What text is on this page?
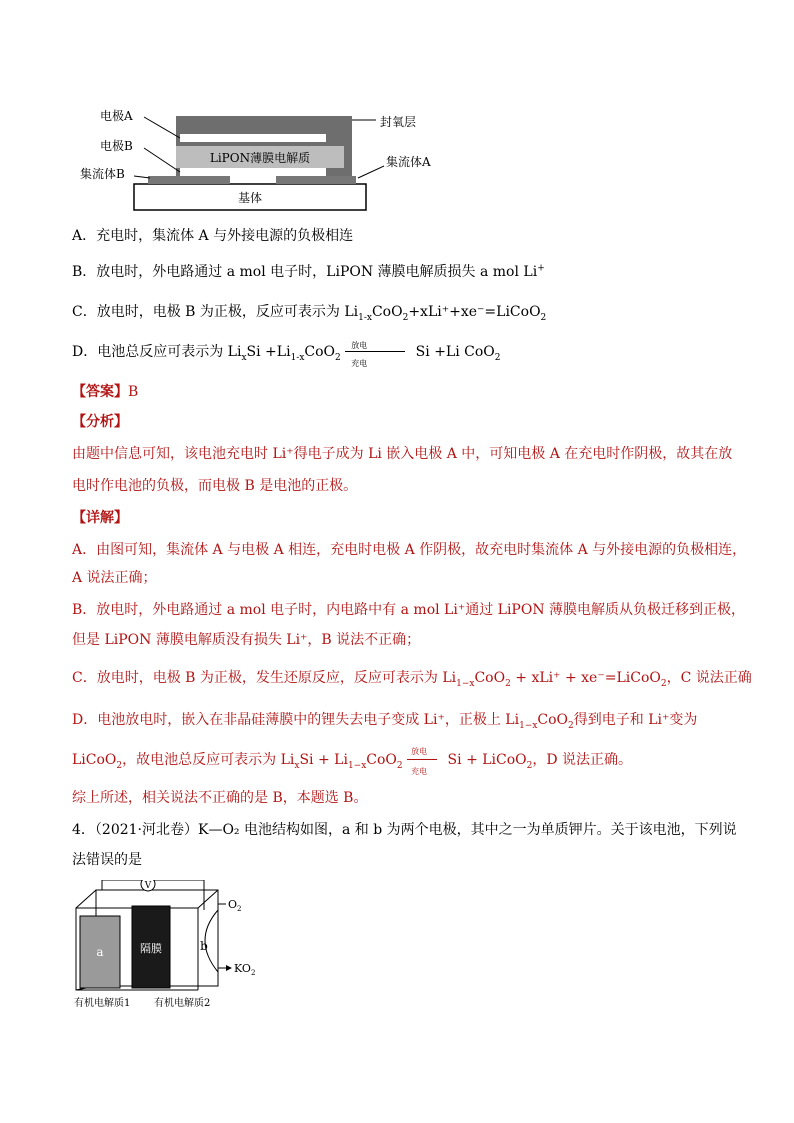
基体
LiPON薄膜电解质
电极A
电极B
集流体B
封氧层
集流体A
A．充电时，集流体 A 与外接电源的负极相连
B．放电时，外电路通过 a mol 电子时，LiPON 薄膜电解质损失 a mol Li+
C．放电时，电极 B 为正极，反应可表示为 $Li_{1-x}CoO_2+xLi^++xe^-=LiCoO_2$
D．电池总反应可表示为 $Li_xSi +Li_{1-x}CoO_2$
放电
充电
Si +Li CoO$_2$
【答案】B
【分析】
由题中信息可知，该电池充电时 Li⁺得电子成为 Li 嵌入电极 A 中，可知电极 A 在充电时作阴极，故其在放
电时作电池的负极，而电极 B 是电池的正极。
【详解】
A．由图可知，集流体 A 与电极 A 相连，充电时电极 A 作阴极，故充电时集流体 A 与外接电源的负极相连，
A 说法正确；
B．放电时，外电路通过 a mol 电子时，内电路中有 a mol Li⁺通过 LiPON 薄膜电解质从负极迁移到正极，
但是 LiPON 薄膜电解质没有损失 Li⁺，B 说法不正确；
C．放电时，电极 B 为正极，发生还原反应，反应可表示为 $Li_{1-x}CoO_2 + xLi^+$ + xe⁻=LiCoO$_2$，C 说法正确
D．电池放电时，嵌入在非晶硅薄膜中的锂失去电子变成 Li⁺，正极上 $Li_{1-x}CoO_2$得到电子和 Li⁺变为
LiCoO$_2$，故电池总反应可表示为 $Li_xSi + Li_{1-x}CoO_2$
放电
充电
Si + LiCoO$_2$，D 说法正确。
综上所述，相关说法不正确的是 B，本题选 B。
4．（2021·河北卷）K—O₂ 电池结构如图，a 和 b 为两个电极，其中之一为单质钾片。关于该电池，下列说
法错误的是
a	隔膜	b
V
$O_2$
$KO_2$
有机电解质1 有机电解质2
